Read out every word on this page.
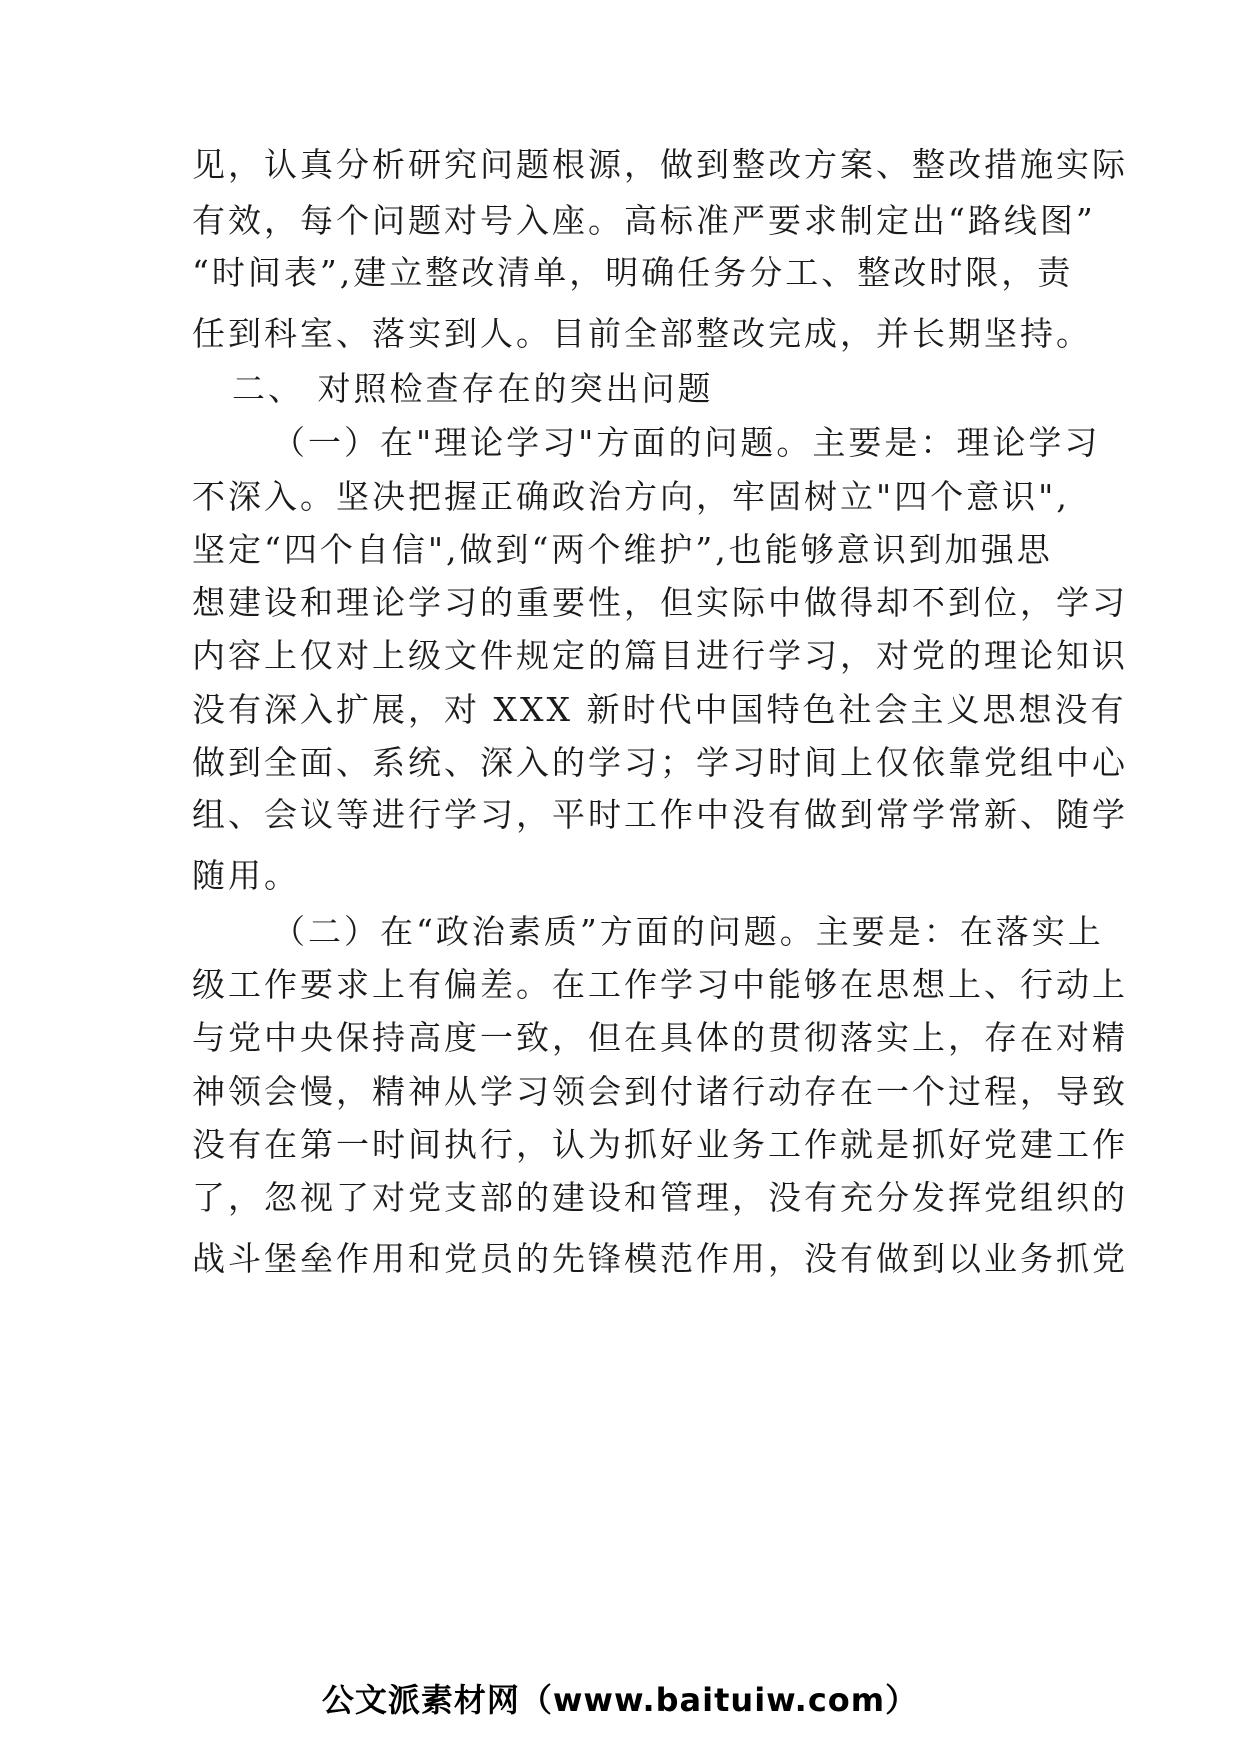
见，认真分析研究问题根源，做到整改方案、整改措施实际
有效，每个问题对号入座。高标准严要求制定出“路线图”
“时间表”,建立整改清单，明确任务分工、整改时限，责
任到科室、落实到人。目前全部整改完成，并长期坚持。
二、 对照检查存在的突出问题
（一）在"理论学习"方面的问题。主要是：理论学习
不深入。坚决把握正确政治方向，牢固树立"四个意识",
坚定“四个自信",做到“两个维护”,也能够意识到加强思
想建设和理论学习的重要性，但实际中做得却不到位，学习
内容上仅对上级文件规定的篇目进行学习，对党的理论知识
没有深入扩展，对 XXX 新时代中国特色社会主义思想没有
做到全面、系统、深入的学习；学习时间上仅依靠党组中心
组、会议等进行学习，平时工作中没有做到常学常新、随学
随用。
（二）在“政治素质”方面的问题。主要是：在落实上
级工作要求上有偏差。在工作学习中能够在思想上、行动上
与党中央保持高度一致，但在具体的贯彻落实上，存在对精
神领会慢，精神从学习领会到付诸行动存在一个过程，导致
没有在第一时间执行，认为抓好业务工作就是抓好党建工作
了，忽视了对党支部的建设和管理，没有充分发挥党组织的
战斗堡垒作用和党员的先锋模范作用，没有做到以业务抓党
公文派素材网（www.baituiw.com）
